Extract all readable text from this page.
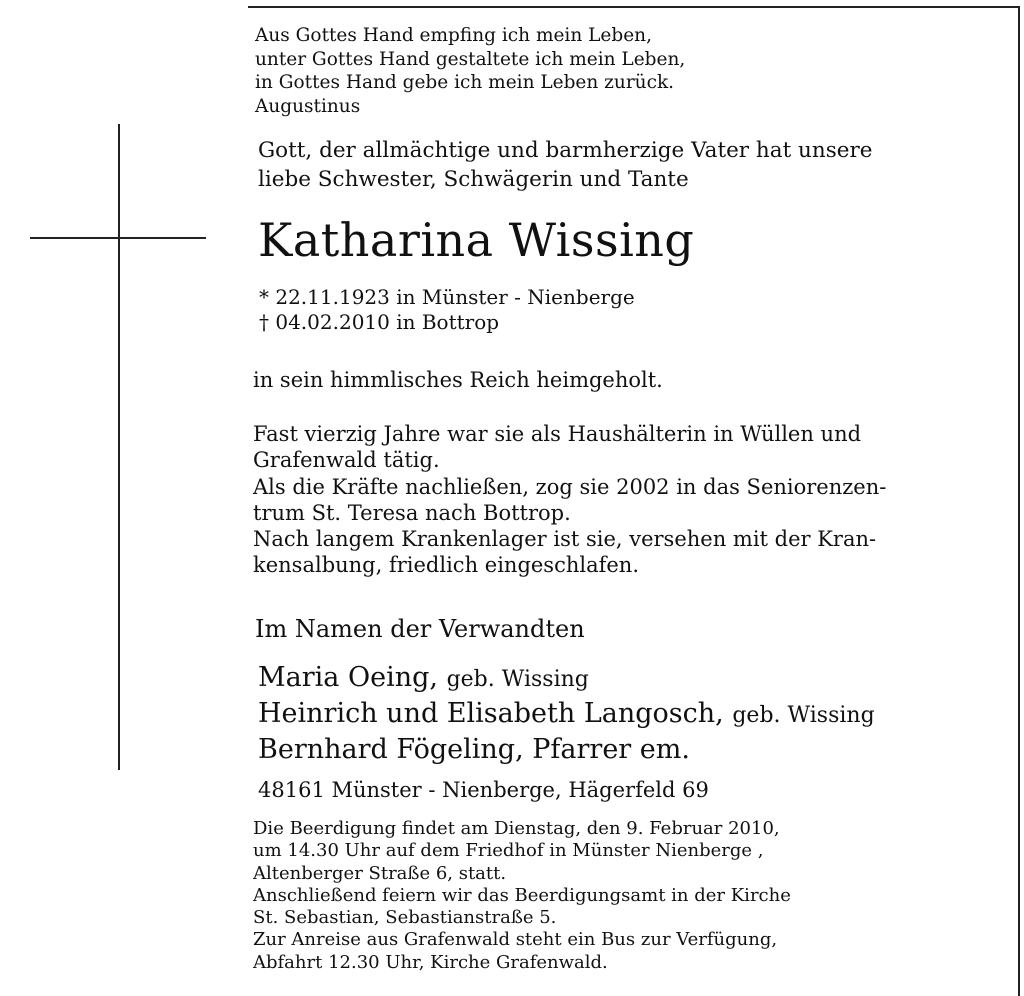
Aus Gottes Hand empfing ich mein Leben,
unter Gottes Hand gestaltete ich mein Leben,
in Gottes Hand gebe ich mein Leben zurück.
Augustinus
Gott, der allmächtige und barmherzige Vater hat unsere
liebe Schwester, Schwägerin und Tante
Katharina Wissing
* 22.11.1923 in Münster - Nienberge
† 04.02.2010 in Bottrop
in sein himmlisches Reich heimgeholt.
Fast vierzig Jahre war sie als Haushälterin in Wüllen und
Grafenwald tätig.
Als die Kräfte nachließen, zog sie 2002 in das Seniorenzen-
trum St. Teresa nach Bottrop.
Nach langem Krankenlager ist sie, versehen mit der Kran-
kensalbung, friedlich eingeschlafen.
Im Namen der Verwandten
Maria Oeing, geb. Wissing
Heinrich und Elisabeth Langosch, geb. Wissing
Bernhard Fögeling, Pfarrer em.
48161 Münster - Nienberge, Hägerfeld 69
Die Beerdigung findet am Dienstag, den 9. Februar 2010,
um 14.30 Uhr auf dem Friedhof in Münster Nienberge ,
Altenberger Straße 6, statt.
Anschließend feiern wir das Beerdigungsamt in der Kirche
St. Sebastian, Sebastianstraße 5.
Zur Anreise aus Grafenwald steht ein Bus zur Verfügung,
Abfahrt 12.30 Uhr, Kirche Grafenwald.
